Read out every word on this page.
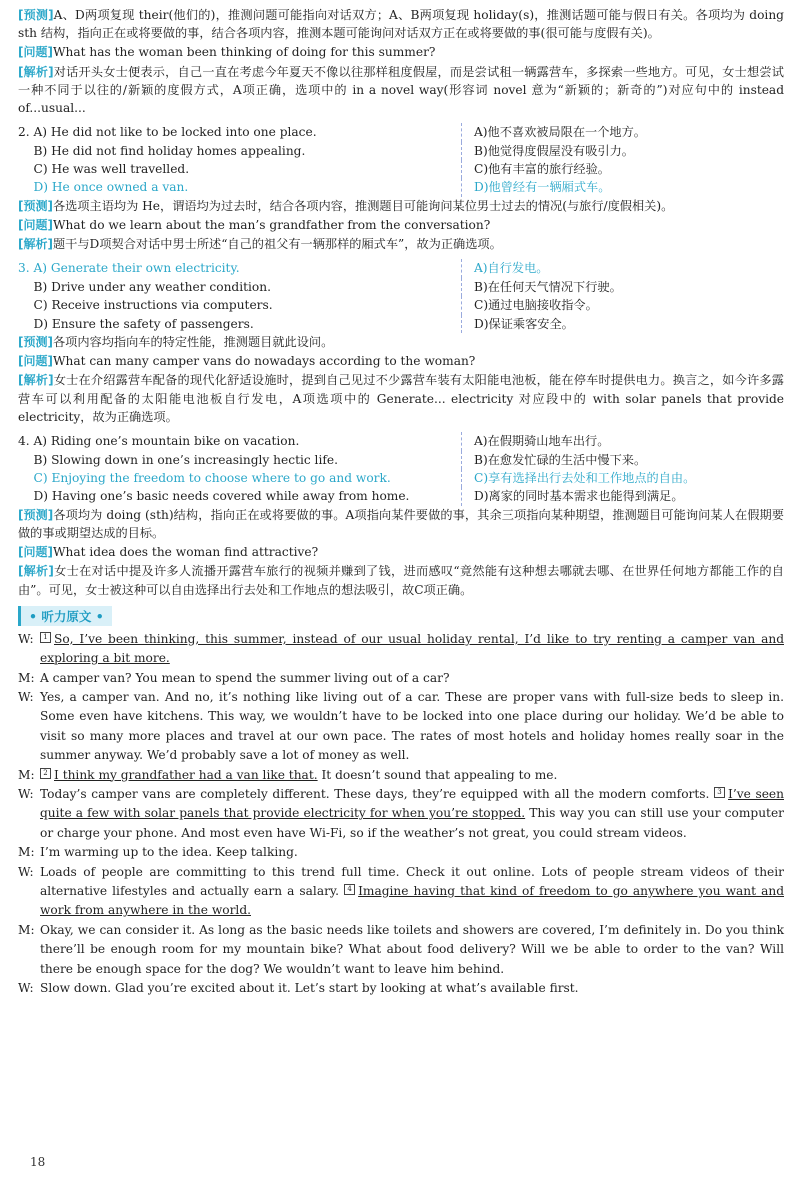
[预测]A、D两项复现 their(他们的)，推测问题可能指向对话双方；A、B两项复现 holiday(s)，推测话题可能与假日有关。各项均为 doing sth 结构，指向正在或将要做的事，结合各项内容，推测本题可能询问对话双方正在或将要做的事(很可能与度假有关)。

[问题]What has the woman been thinking of doing for this summer?

[解析]对话开头女士便表示，自己一直在考虑今年夏天不像以往那样租度假屋，而是尝试租一辆露营车，多探索一些地方。可见，女士想尝试一种不同于以往的/新颖的度假方式，A项正确，选项中的 in a novel way(形容词 novel 意为“新颖的；新奇的”)对应句中的 instead of...usual...

2. A) He did not like to be locked into one place.	A)他不喜欢被局限在一个地方。
B) He did not find holiday homes appealing.	B)他觉得度假屋没有吸引力。
C) He was well travelled.	C)他有丰富的旅行经验。
D) He once owned a van.	D)他曾经有一辆厢式车。

[预测]各选项主语均为 He，谓语均为过去时，结合各项内容，推测题目可能询问某位男士过去的情况(与旅行/度假相关)。

[问题]What do we learn about the man’s grandfather from the conversation?

[解析]题干与D项契合对话中男士所述“自己的祖父有一辆那样的厢式车”，故为正确选项。

3. A) Generate their own electricity.	A)自行发电。
B) Drive under any weather condition.	B)在任何天气情况下行驶。
C) Receive instructions via computers.	C)通过电脑接收指令。
D) Ensure the safety of passengers.	D)保证乘客安全。

[预测]各项内容均指向车的特定性能，推测题目就此设问。

[问题]What can many camper vans do nowadays according to the woman?

[解析]女士在介绍露营车配备的现代化舒适设施时，提到自己见过不少露营车装有太阳能电池板，能在停车时提供电力。换言之，如今许多露营车可以利用配备的太阳能电池板自行发电，A项选项中的 Generate... electricity 对应段中的 with solar panels that provide electricity，故为正确选项。

4. A) Riding one’s mountain bike on vacation.	A)在假期骑山地车出行。
B) Slowing down in one’s increasingly hectic life.	B)在愈发忙碌的生活中慢下来。
C) Enjoying the freedom to choose where to go and work.	C)享有选择出行去处和工作地点的自由。
D) Having one’s basic needs covered while away from home.	D)离家的同时基本需求也能得到满足。

[预测]各项均为 doing (sth)结构，指向正在或将要做的事。A项指向某件要做的事，其余三项指向某种期望，推测题目可能询问某人在假期要做的事或期望达成的目标。

[问题]What idea does the woman find attractive?

[解析]女士在对话中提及许多人流播开露营车旅行的视频并赚到了钱，进而感叹“竟然能有这种想去哪就去哪、在世界任何地方都能工作的自由”。可见，女士被这种可以自由选择出行去处和工作地点的想法吸引，故C项正确。

• 听力原文 •
W:	1 So, I’ve been thinking, this summer, instead of our usual holiday rental, I’d like to try renting a camper van and exploring a bit more.
M: A camper van? You mean to spend the summer living out of a car?
W: Yes, a camper van. And no, it’s nothing like living out of a car. These are proper vans with full-size beds to sleep in. Some even have kitchens. This way, we wouldn’t have to be locked into one place during our holiday. We’d be able to visit so many more places and travel at our own pace. The rates of most hotels and holiday homes really soar in the summer anyway. We’d probably save a lot of money as well.
M:	2 I think my grandfather had a van like that. It doesn’t sound that appealing to me.
W: Today’s camper vans are completely different. These days, they’re equipped with all the modern comforts. 3 I’ve seen quite a few with solar panels that provide electricity for when you’re stopped. This way you can still use your computer or charge your phone. And most even have Wi-Fi, so if the weather’s not great, you could stream videos.
M: I’m warming up to the idea. Keep talking.
W: Loads of people are committing to this trend full time. Check it out online. Lots of people stream videos of their alternative lifestyles and actually earn a salary. 4 Imagine having that kind of freedom to go anywhere you want and work from anywhere in the world.
M: Okay, we can consider it. As long as the basic needs like toilets and showers are covered, I’m definitely in. Do you think there’ll be enough room for my mountain bike? What about food delivery? Will we be able to order to the van? Will there be enough space for the dog? We wouldn’t want to leave him behind.
W: Slow down. Glad you’re excited about it. Let’s start by looking at what’s available first.
18
